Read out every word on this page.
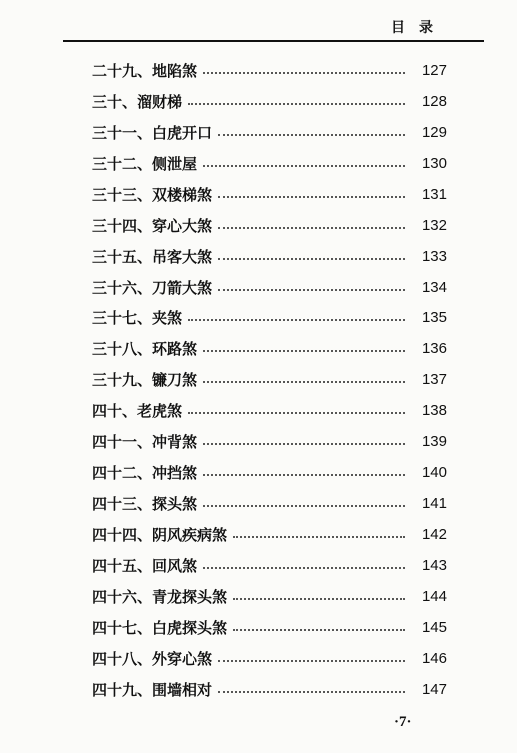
目录
二十九、地陷煞	127
三十、溜财梯	128
三十一、白虎开口	129
三十二、侧泄屋	130
三十三、双楼梯煞	131
三十四、穿心大煞	132
三十五、吊客大煞	133
三十六、刀箭大煞	134
三十七、夹煞	135
三十八、环路煞	136
三十九、镰刀煞	137
四十、老虎煞	138
四十一、冲背煞	139
四十二、冲挡煞	140
四十三、探头煞	141
四十四、阴风疾病煞	142
四十五、回风煞	143
四十六、青龙探头煞	144
四十七、白虎探头煞	145
四十八、外穿心煞	146
四十九、围墙相对	147
·7·
